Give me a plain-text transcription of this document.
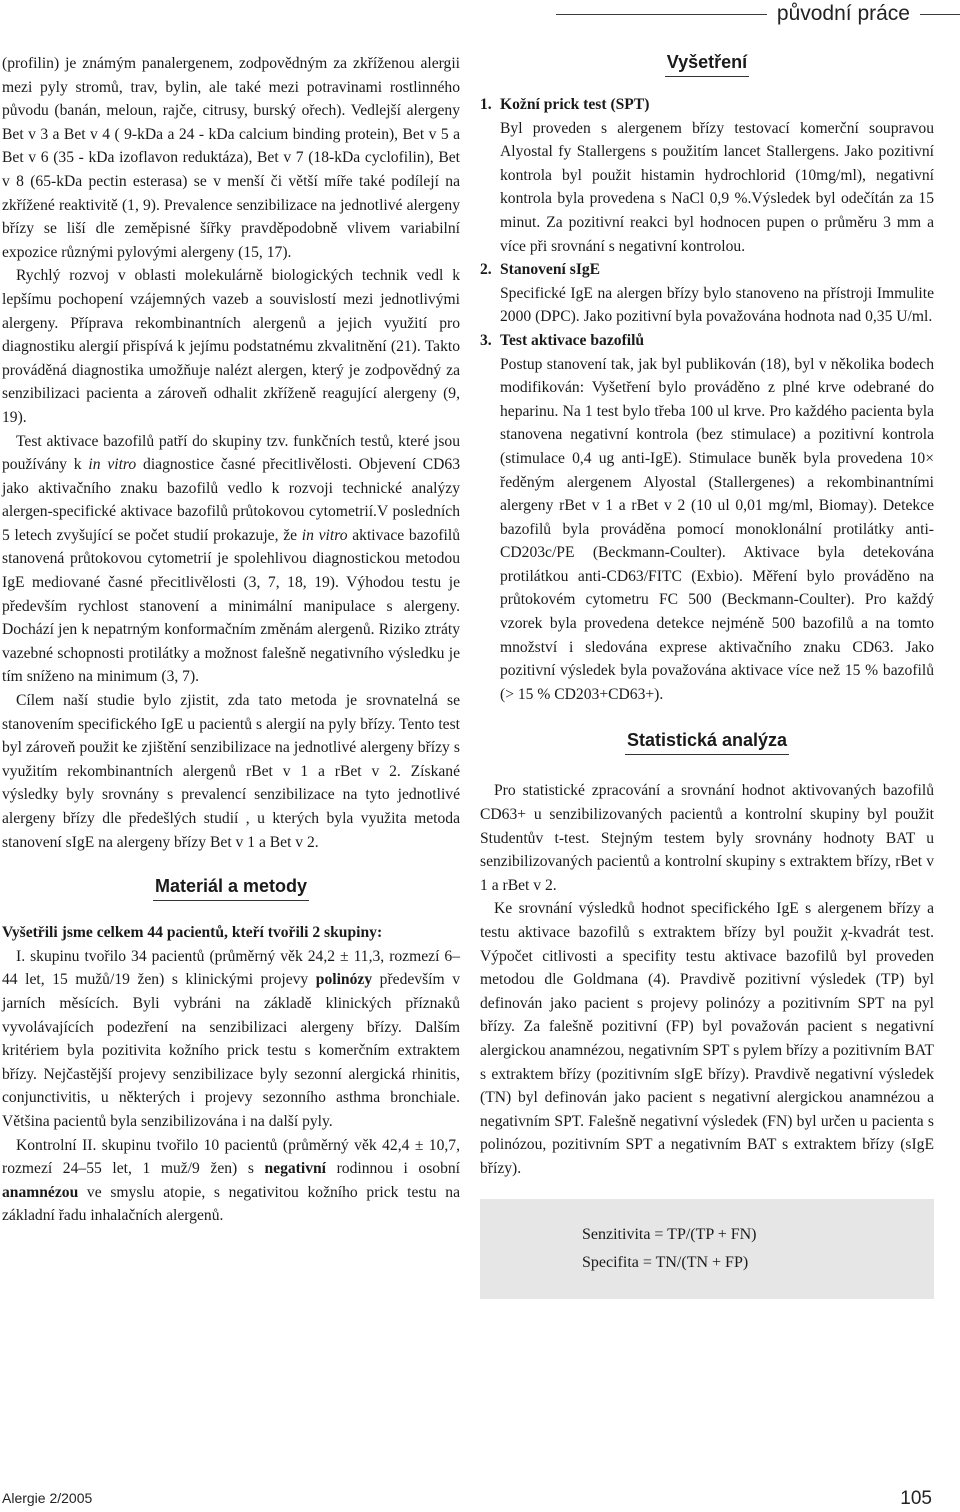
původní práce

(profilin) je známým panalergenem, zodpovědným za zkříženou alergii mezi pyly stromů, trav, bylin, ale také mezi potravinami rostlinného původu (banán, meloun, rajče, citrusy, burský ořech). Vedlejší alergeny Bet v 3 a Bet v 4 ( 9-kDa a 24 - kDa calcium binding protein), Bet v 5 a Bet v 6 (35 - kDa izoflavon reduktáza), Bet v 7 (18-kDa cyclofilin), Bet v 8 (65-kDa pectin esterasa) se v menší či větší míře také podílejí na zkřížené reaktivitě (1, 9). Prevalence senzibilizace na jednotlivé alergeny břízy se liší dle zeměpisné šířky pravděpodobně vlivem variabilní expozice různými pylovými alergeny (15, 17).

Rychlý rozvoj v oblasti molekulárně biologických technik vedl k lepšímu pochopení vzájemných vazeb a souvislostí mezi jednotlivými alergeny. Příprava rekombinantních alergenů a jejich využití pro diagnostiku alergií přispívá k jejímu podstatnému zkvalitnění (21). Takto prováděná diagnostika umožňuje nalézt alergen, který je zodpovědný za senzibilizaci pacienta a zároveň odhalit zkříženě reagující alergeny (9, 19).

Test aktivace bazofilů patří do skupiny tzv. funkčních testů, které jsou používány k in vitro diagnostice časné přecitlivělosti. Objevení CD63 jako aktivačního znaku bazofilů vedlo k rozvoji technické analýzy alergen-specifické aktivace bazofilů průtokovou cytometrií.V posledních 5 letech zvyšující se počet studií prokazuje, že in vitro aktivace bazofilů stanovená průtokovou cytometrií je spolehlivou diagnostickou metodou IgE mediované časné přecitlivělosti (3, 7, 18, 19). Výhodou testu je především rychlost stanovení a minimální manipulace s alergeny. Dochází jen k nepatrným konformačním změnám alergenů. Riziko ztráty vazebné schopnosti protilátky a možnost falešně negativního výsledku je tím sníženo na minimum (3, 7).

Cílem naší studie bylo zjistit, zda tato metoda je srovnatelná se stanovením specifického IgE u pacientů s alergií na pyly břízy. Tento test byl zároveň použit ke zjištění senzibilizace na jednotlivé alergeny břízy s využitím rekombinantních alergenů rBet v 1 a rBet v 2. Získané výsledky byly srovnány s prevalencí senzibilizace na tyto jednotlivé alergeny břízy dle předešlých studií , u kterých byla využita metoda stanovení sIgE na alergeny břízy Bet v 1 a Bet v 2.

Materiál a metody

Vyšetřili jsme celkem 44 pacientů, kteří tvořili 2 skupiny:

I. skupinu tvořilo 34 pacientů (průměrný věk 24,2 ± 11,3, rozmezí 6–44 let, 15 mužů/19 žen) s klinickými projevy polinózy především v jarních měsících. Byli vybráni na základě klinických příznaků vyvolávajících podezření na senzibilizaci alergeny břízy. Dalším kritériem byla pozitivita kožního prick testu s komerčním extraktem břízy. Nejčastější projevy senzibilizace byly sezonní alergická rhinitis, conjunctivitis, u některých i projevy sezonního asthma bronchiale. Většina pacientů byla senzibilizována i na další pyly.

Kontrolní II. skupinu tvořilo 10 pacientů (průměrný věk 42,4 ± 10,7, rozmezí 24–55 let, 1 muž/9 žen) s negativní rodinnou i osobní anamnézou ve smyslu atopie, s negativitou kožního prick testu na základní řadu inhalačních alergenů.

Vyšetření
1. Kožní prick test (SPT)

Byl proveden s alergenem břízy testovací komerční soupravou Alyostal fy Stallergens s použitím lancet Stallergens. Jako pozitivní kontrola byl použit histamin hydrochlorid (10mg/ml), negativní kontrola byla provedena s NaCl 0,9 %.Výsledek byl odečítán za 15 minut. Za pozitivní reakci byl hodnocen pupen o průměru 3 mm a více při srovnání s negativní kontrolou.

2. Stanovení sIgE

Specifické IgE na alergen břízy bylo stanoveno na přístroji Immulite 2000 (DPC). Jako pozitivní byla považována hodnota nad 0,35 U/ml.

3. Test aktivace bazofilů

Postup stanovení tak, jak byl publikován (18), byl v několika bodech modifikován: Vyšetření bylo prováděno z plné krve odebrané do heparinu. Na 1 test bylo třeba 100 ul krve. Pro každého pacienta byla stanovena negativní kontrola (bez stimulace) a pozitivní kontrola (stimulace 0,4 ug anti-IgE). Stimulace buněk byla provedena 10× ředěným alergenem Alyostal (Stallergenes) a rekombinantními alergeny rBet v 1 a rBet v 2 (10 ul 0,01 mg/ml, Biomay). Detekce bazofilů byla prováděna pomocí monoklonální protilátky anti-CD203c/PE (Beckmann-Coulter). Aktivace byla detekována protilátkou anti-CD63/FITC (Exbio). Měření bylo prováděno na průtokovém cytometru FC 500 (Beckmann-Coulter). Pro každý vzorek byla provedena detekce nejméně 500 bazofilů a na tomto množství i sledována exprese aktivačního znaku CD63. Jako pozitivní výsledek byla považována aktivace více než 15 % bazofilů (> 15 % CD203+CD63+).

Statistická analýza

Pro statistické zpracování a srovnání hodnot aktivovaných bazofilů CD63+ u senzibilizovaných pacientů a kontrolní skupiny byl použit Studentův t-test. Stejným testem byly srovnány hodnoty BAT u senzibilizovaných pacientů a kontrolní skupiny s extraktem břízy, rBet v 1 a rBet v 2.

Ke srovnání výsledků hodnot specifického IgE s alergenem břízy a testu aktivace bazofilů s extraktem břízy byl použit χ-kvadrát test. Výpočet citlivosti a specifity testu aktivace bazofilů byl proveden metodou dle Goldmana (4). Pravdivě pozitivní výsledek (TP) byl definován jako pacient s projevy polinózy a pozitivním SPT na pyl břízy. Za falešně pozitivní (FP) byl považován pacient s negativní alergickou anamnézou, negativním SPT s pylem břízy a pozitivním BAT s extraktem břízy (pozitivním sIgE břízy). Pravdivě negativní výsledek (TN) byl definován jako pacient s negativní alergickou anamnézou a negativním SPT. Falešně negativní výsledek (FN) byl určen u pacienta s polinózou, pozitivním SPT a negativním BAT s extraktem břízy (sIgE břízy).

Senzitivita = TP/(TP + FN)
Specifita = TN/(TN + FP)
Alergie 2/2005	105
